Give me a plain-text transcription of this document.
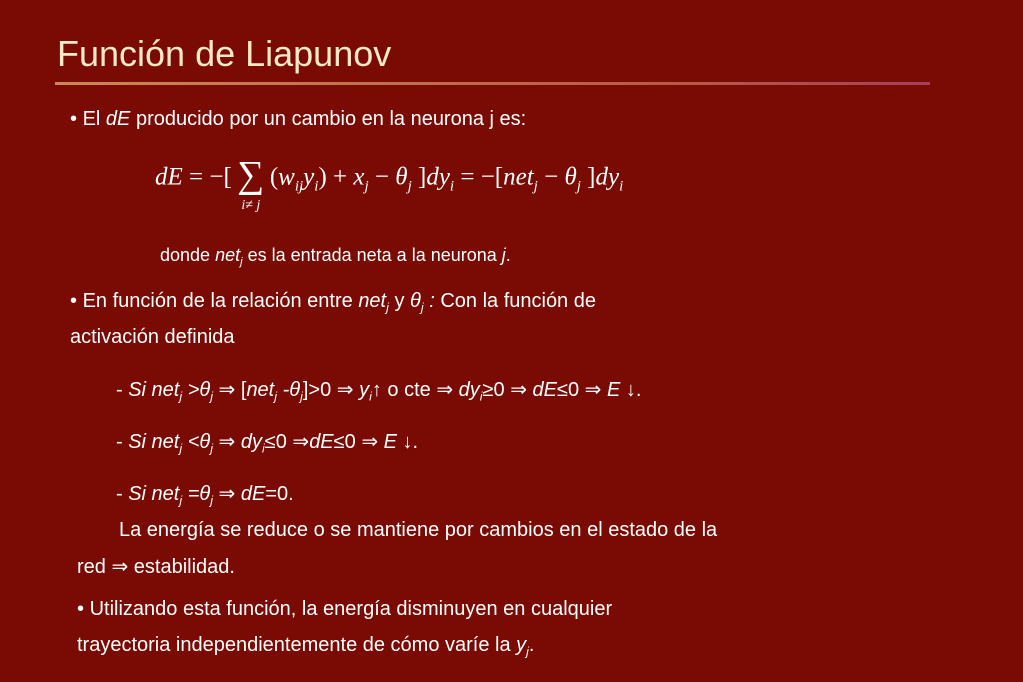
Función de Liapunov
• El dE producido por un cambio en la neurona j es:
dE = −[ ∑
i≠ j
$(w_{ij}y_i) + x_j - \theta_j$ ]$dy_i = -[net_j - \theta_j$ ]$dy_i$
donde net$_j$ es la entrada neta a la neurona j.
• En función de la relación entre net$_j$ y $\theta_j$ : Con la función de
activación definida
- Si $net_j >\theta_j$ ⇒ [net$_j$ $-\theta_j]>0$ ⇒ $y_i↑$ o cte ⇒ $dy_i\ge 0$ ⇒ dE≤0 ⇒ E ↓.
- Si $net_j <\theta_j$ ⇒ $dy_i\le 0$ ⇒dE≤0 ⇒ E ↓.
- Si $net_j =\theta_j$ ⇒ dE=0.
La energía se reduce o se mantiene por cambios en el estado de la
red ⇒ estabilidad.
• Utilizando esta función, la energía disminuyen en cualquier
trayectoria independientemente de cómo varíe la $y_j$.
